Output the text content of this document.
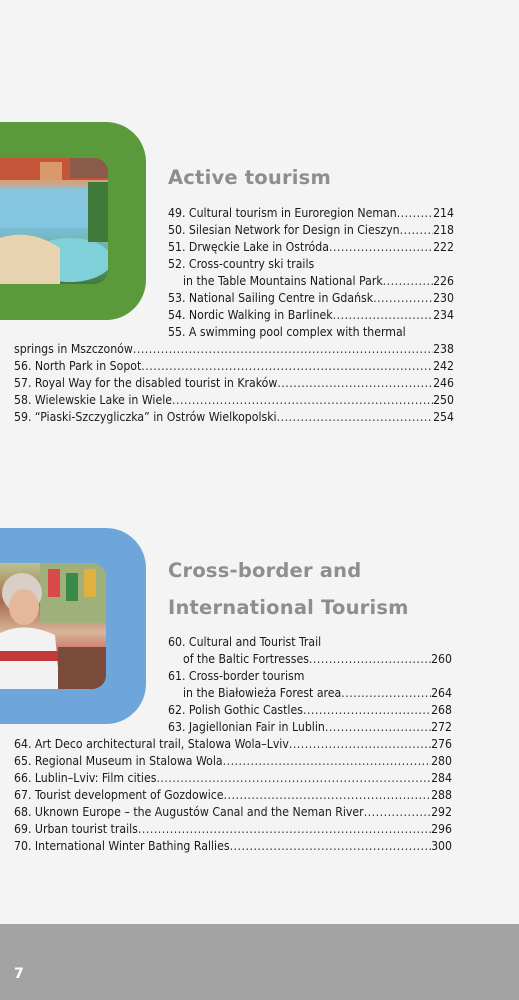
Active tourism
49. Cultural tourism in Euroregion Neman	214
.....
50. Silesian Network for Design in Cieszyn	218
.....
51. Drwęckie Lake in Ostróda	222
.....
52. Cross-country ski trails
in the Table Mountains National Park	226
.....
53. National Sailing Centre in Gdańsk	230
.....
54. Nordic Walking in Barlinek	234
.....
55. A swimming pool complex with thermal
springs in Mszczonów	238
.....
56. North Park in Sopot	242
.....
57. Royal Way for the disabled tourist in Kraków	246
.....
58. Wielewskie Lake in Wiele	250
.....
59. “Piaski-Szczygliczka” in Ostrów Wielkopolski	254
.....
Cross-border and
International Tourism
60. Cultural and Tourist Trail
of the Baltic Fortresses	260
.....
61. Cross-border tourism
in the Białowieża Forest area	264
.....
62. Polish Gothic Castles	268
.....
63. Jagiellonian Fair in Lublin	272
.....
64. Art Deco architectural trail, Stalowa Wola–Lviv	276
.....
65. Regional Museum in Stalowa Wola	280
.....
66. Lublin–Lviv: Film cities	284
.....
67. Tourist development of Gozdowice	288
.....
68. Uknown Europe – the Augustów Canal and the Neman River	292
.....
69. Urban tourist trails	296
.....
70. International Winter Bathing Rallies	300
.....
7
